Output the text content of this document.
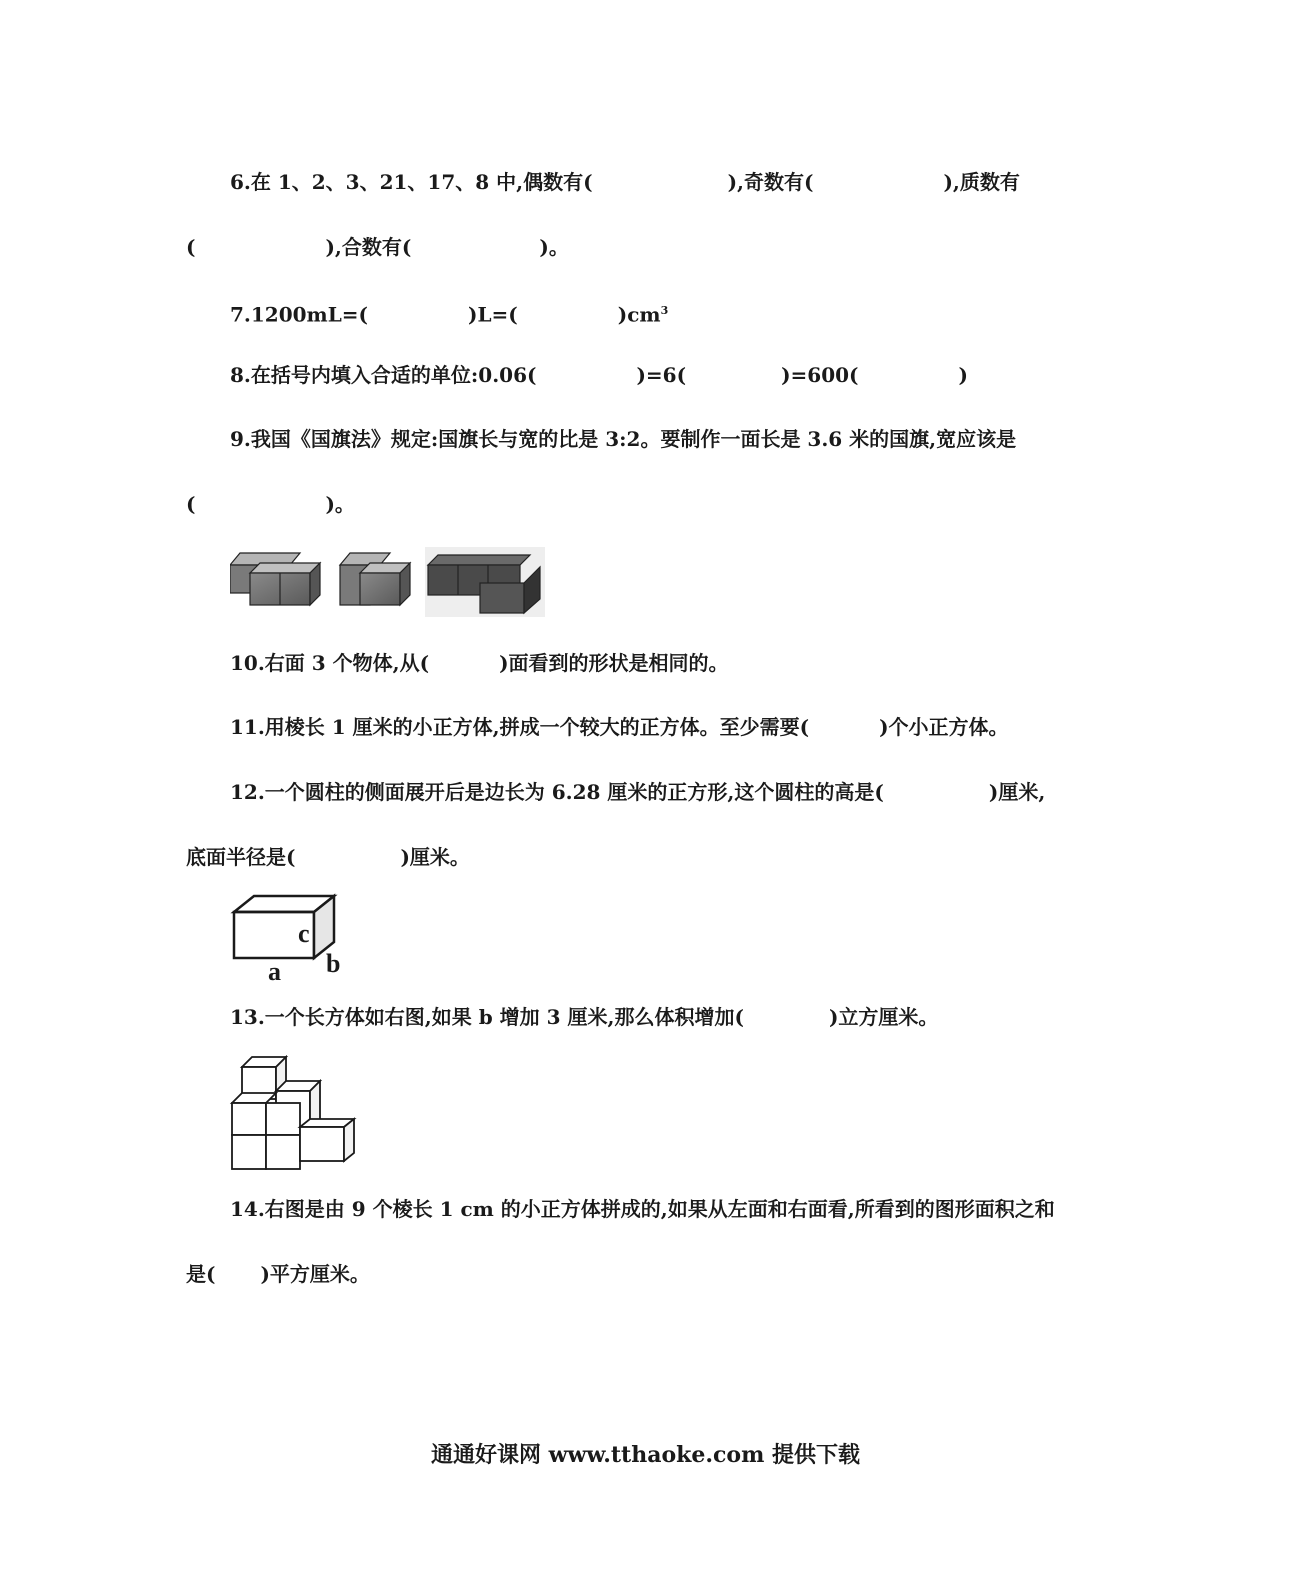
6.在 1、2、3、21、17、8 中,偶数有(	),奇数有(	),质数有
(	),合数有(	)。
7.1200mL=(	)L=(	)$cm^3$
8.在括号内填入合适的单位:0.06(	)=6(	)=600(	)
9.我国《国旗法》规定:国旗长与宽的比是 3:2。要制作一面长是 3.6 米的国旗,宽应该是
(	)。
10.右面 3 个物体,从(	)面看到的形状是相同的。
11.用棱长 1 厘米的小正方体,拼成一个较大的正方体。至少需要(	)个小正方体。
12.一个圆柱的侧面展开后是边长为 6.28 厘米的正方形,这个圆柱的高是(	)厘米,
底面半径是(	)厘米。
c
a b
13.一个长方体如右图,如果 b 增加 3 厘米,那么体积增加(	)立方厘米。
14.右图是由 9 个棱长 1 cm 的小正方体拼成的,如果从左面和右面看,所看到的图形面积之和
是( )平方厘米。
通通好课网 www.tthaoke.com 提供下载
